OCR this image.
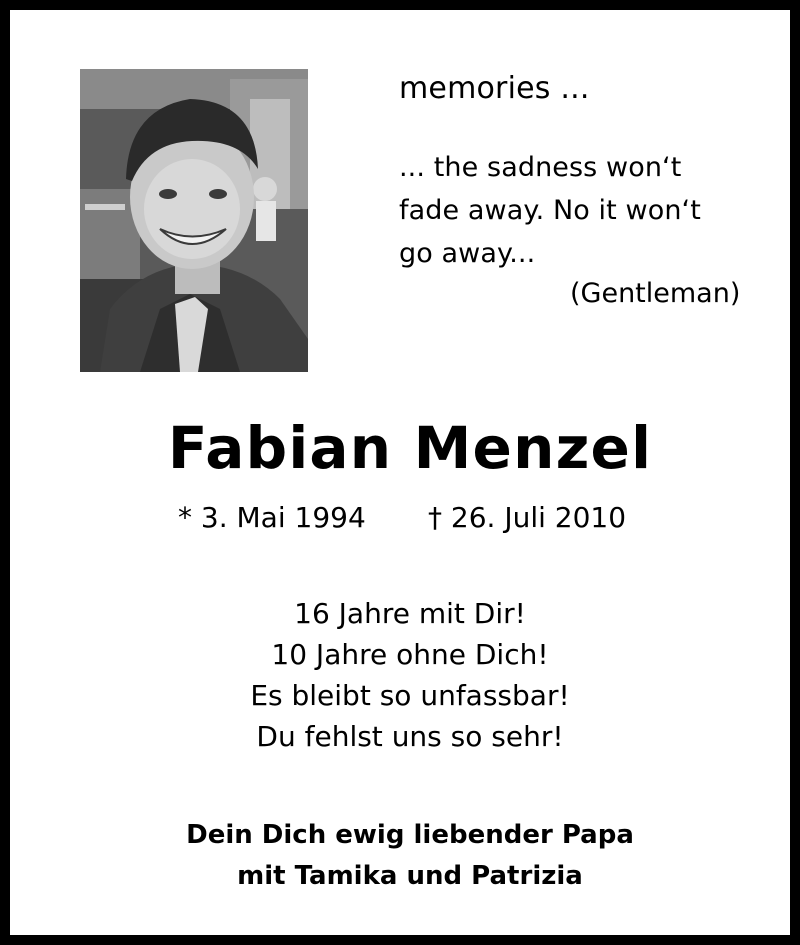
memories ...
... the sadness won‘t
fade away. No it won‘t
go away...
(Gentleman)
Fabian Menzel
* 3. Mai 1994 † 26. Juli 2010
16 Jahre mit Dir!
10 Jahre ohne Dich!
Es bleibt so unfassbar!
Du fehlst uns so sehr!
Dein Dich ewig liebender Papa
mit Tamika und Patrizia
